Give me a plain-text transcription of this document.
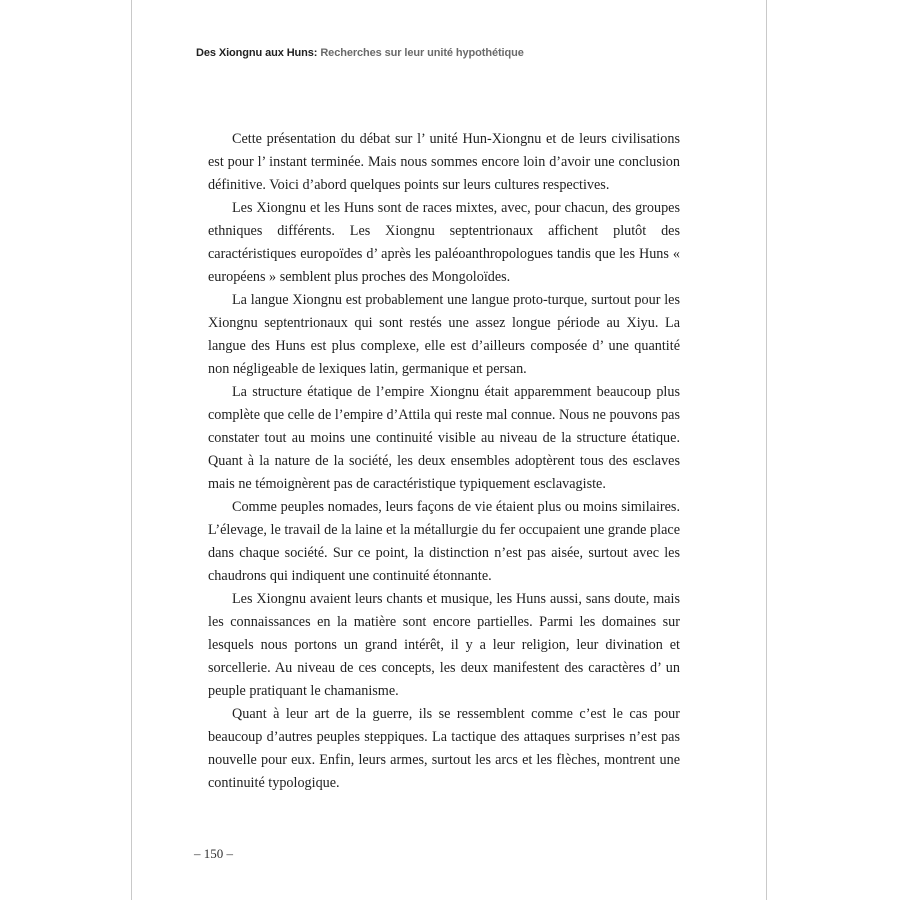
Des Xiongnu aux Huns: Recherches sur leur unité hypothétique

Cette présentation du débat sur l’ unité Hun-Xiongnu et de leurs civilisations est pour l’ instant terminée. Mais nous sommes encore loin d’avoir une conclusion définitive. Voici d’abord quelques points sur leurs cultures respectives.

Les Xiongnu et les Huns sont de races mixtes, avec, pour chacun, des groupes ethniques différents. Les Xiongnu septentrionaux affichent plutôt des caractéristiques europoïdes d’ après les paléoanthropologues tandis que les Huns « européens » semblent plus proches des Mongoloïdes.

La langue Xiongnu est probablement une langue proto-turque, surtout pour les Xiongnu septentrionaux qui sont restés une assez longue période au Xiyu. La langue des Huns est plus complexe, elle est d’ailleurs composée d’ une quantité non négligeable de lexiques latin, germanique et persan.

La structure étatique de l’empire Xiongnu était apparemment beaucoup plus complète que celle de l’empire d’Attila qui reste mal connue. Nous ne pouvons pas constater tout au moins une continuité visible au niveau de la structure étatique. Quant à la nature de la société, les deux ensembles adoptèrent tous des esclaves mais ne témoignèrent pas de caractéristique typiquement esclavagiste.

Comme peuples nomades, leurs façons de vie étaient plus ou moins similaires. L’élevage, le travail de la laine et la métallurgie du fer occupaient une grande place dans chaque société. Sur ce point, la distinction n’est pas aisée, surtout avec les chaudrons qui indiquent une continuité étonnante.

Les Xiongnu avaient leurs chants et musique, les Huns aussi, sans doute, mais les connaissances en la matière sont encore partielles. Parmi les domaines sur lesquels nous portons un grand intérêt, il y a leur religion, leur divination et sorcellerie. Au niveau de ces concepts, les deux manifestent des caractères d’ un peuple pratiquant le chamanisme.

Quant à leur art de la guerre, ils se ressemblent comme c’est le cas pour beaucoup d’autres peuples steppiques. La tactique des attaques surprises n’est pas nouvelle pour eux. Enfin, leurs armes, surtout les arcs et les flèches, montrent une continuité typologique.

– 150 –
